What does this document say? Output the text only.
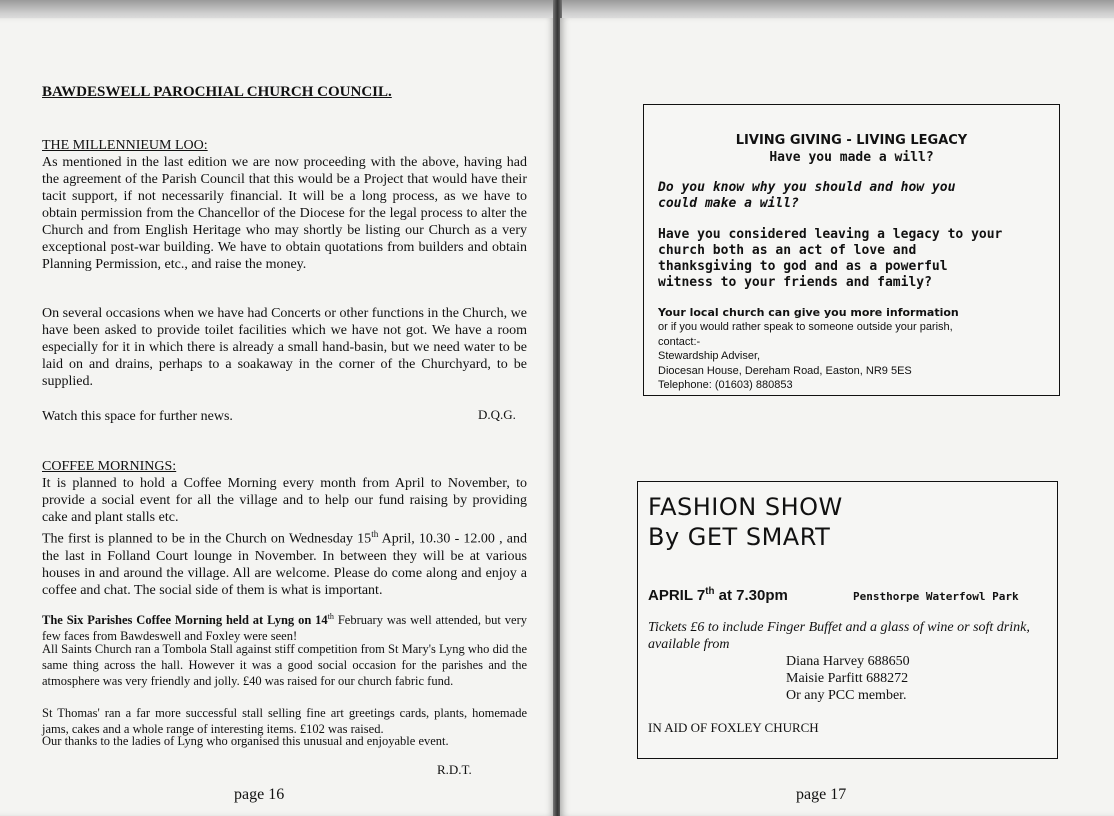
BAWDESWELL PAROCHIAL CHURCH COUNCIL.
THE MILLENNIEUM LOO:
As mentioned in the last edition we are now proceeding with the above, having had the agreement of the Parish Council that this would be a Project that would have their tacit support, if not necessarily financial. It will be a long process, as we have to obtain permission from the Chancellor of the Diocese for the legal process to alter the Church and from English Heritage who may shortly be listing our Church as a very exceptional post-war building. We have to obtain quotations from builders and obtain Planning Permission, etc., and raise the money.
On several occasions when we have had Concerts or other functions in the Church, we have been asked to provide toilet facilities which we have not got. We have a room especially for it in which there is already a small hand-basin, but we need water to be laid on and drains, perhaps to a soakaway in the corner of the Churchyard, to be supplied.
Watch this space for further news.	D.Q.G.
COFFEE MORNINGS:
It is planned to hold a Coffee Morning every month from April to November, to provide a social event for all the village and to help our fund raising by providing cake and plant stalls etc.
The first is planned to be in the Church on Wednesday 15th April, 10.30 - 12.00 , and the last in Folland Court lounge in November. In between they will be at various houses in and around the village. All are welcome. Please do come along and enjoy a coffee and chat. The social side of them is what is important.
The Six Parishes Coffee Morning held at Lyng on 14th February was well attended, but very few faces from Bawdeswell and Foxley were seen!
All Saints Church ran a Tombola Stall against stiff competition from St Mary's Lyng who did the same thing across the hall. However it was a good social occasion for the parishes and the atmosphere was very friendly and jolly. £40 was raised for our church fabric fund.
St Thomas' ran a far more successful stall selling fine art greetings cards, plants, homemade jams, cakes and a whole range of interesting items. £102 was raised.
Our thanks to the ladies of Lyng who organised this unusual and enjoyable event.
R.D.T.
page 16
LIVING GIVING - LIVING LEGACY
Have you made a will?
Do you know why you should and how you could make a will?
Have you considered leaving a legacy to your church both as an act of love and thanksgiving to god and as a powerful witness to your friends and family?
Your local church can give you more information
or if you would rather speak to someone outside your parish,
contact:-
Stewardship Adviser,
Diocesan House, Dereham Road, Easton, NR9 5ES
Telephone: (01603) 880853
FASHION SHOW
By GET SMART
APRIL 7th at 7.30pm	Pensthorpe Waterfowl Park
Tickets £6 to include Finger Buffet and a glass of wine or soft drink, available from
Diana Harvey 688650
Maisie Parfitt 688272
Or any PCC member.
IN AID OF FOXLEY CHURCH
page 17
